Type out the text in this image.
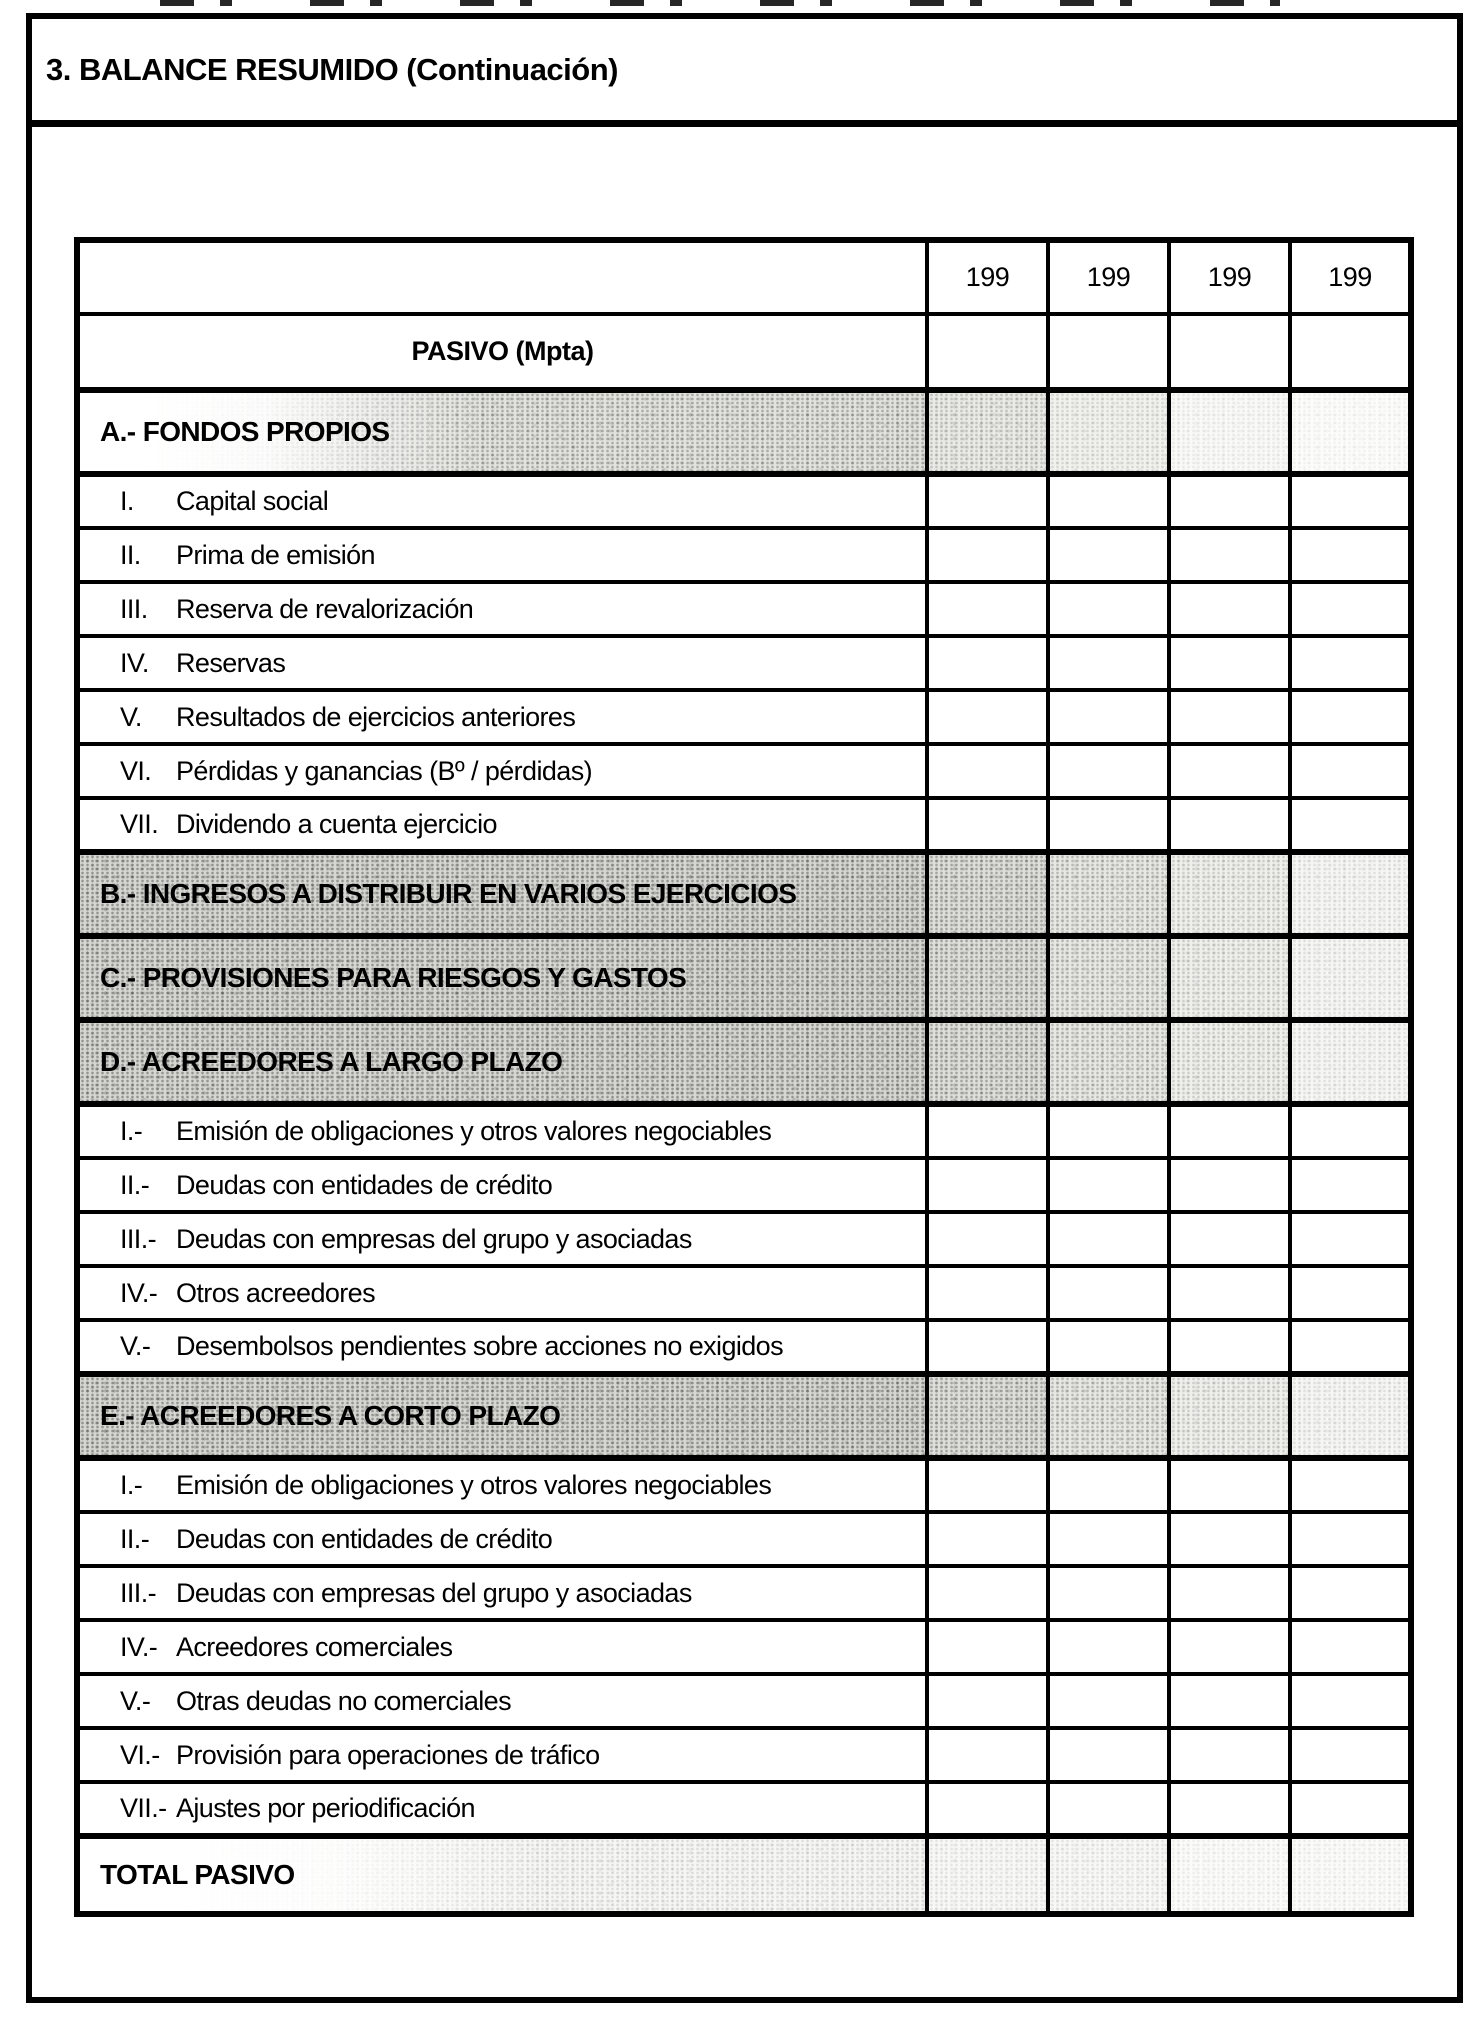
3. BALANCE RESUMIDO (Continuación)
	199	199	199	199
PASIVO (Mpta)				
A.- FONDOS PROPIOS				
I. Capital social				
II. Prima de emisión				
III. Reserva de revalorización				
IV. Reservas				
V. Resultados de ejercicios anteriores				
VI. Pérdidas y ganancias (Bº / pérdidas)				
VII. Dividendo a cuenta ejercicio				
B.- INGRESOS A DISTRIBUIR EN VARIOS EJERCICIOS				
C.- PROVISIONES PARA RIESGOS Y GASTOS				
D.- ACREEDORES A LARGO PLAZO				
I.- Emisión de obligaciones y otros valores negociables				
II.- Deudas con entidades de crédito				
III.- Deudas con empresas del grupo y asociadas				
IV.- Otros acreedores				
V.- Desembolsos pendientes sobre acciones no exigidos				
E.- ACREEDORES A CORTO PLAZO				
I.- Emisión de obligaciones y otros valores negociables				
II.- Deudas con entidades de crédito				
III.- Deudas con empresas del grupo y asociadas				
IV.- Acreedores comerciales				
V.- Otras deudas no comerciales				
VI.- Provisión para operaciones de tráfico				
VII.- Ajustes por periodificación				
TOTAL PASIVO				
